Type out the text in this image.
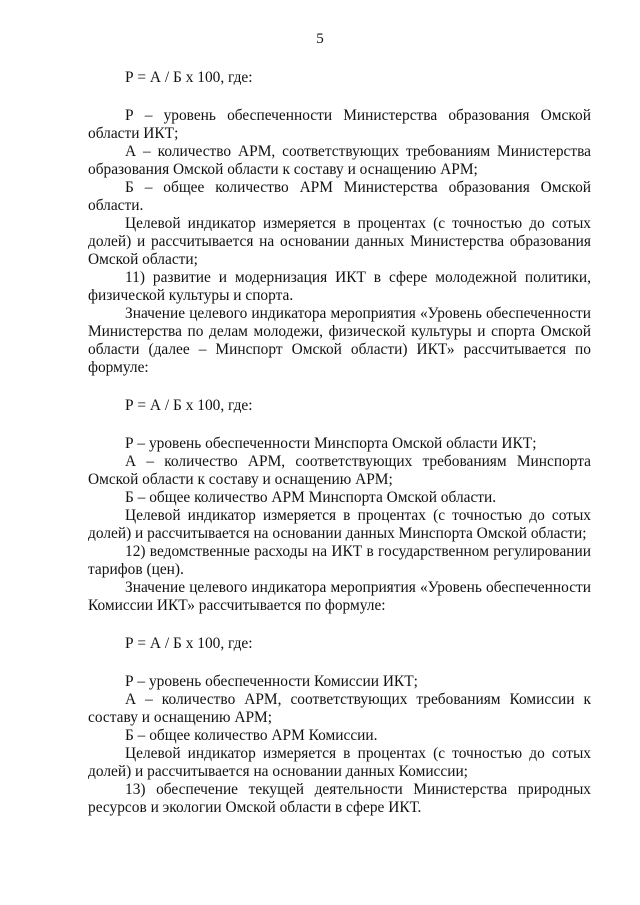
5

Р = А / Б х 100, где:

Р – уровень обеспеченности Министерства образования Омской области ИКТ;

А – количество АРМ, соответствующих требованиям Министерства образования Омской области к составу и оснащению АРМ;

Б – общее количество АРМ Министерства образования Омской области.

Целевой индикатор измеряется в процентах (с точностью до сотых долей) и рассчитывается на основании данных Министерства образования Омской области;

11) развитие и модернизация ИКТ в сфере молодежной политики, физической культуры и спорта.

Значение целевого индикатора мероприятия «Уровень обеспеченности Министерства по делам молодежи, физической культуры и спорта Омской области (далее – Минспорт Омской области) ИКТ» рассчитывается по формуле:

Р = А / Б х 100, где:

Р – уровень обеспеченности Минспорта Омской области ИКТ;

А – количество АРМ, соответствующих требованиям Минспорта Омской области к составу и оснащению АРМ;

Б – общее количество АРМ Минспорта Омской области.

Целевой индикатор измеряется в процентах (с точностью до сотых долей) и рассчитывается на основании данных Минспорта Омской области;

12) ведомственные расходы на ИКТ в государственном регулировании тарифов (цен).

Значение целевого индикатора мероприятия «Уровень обеспеченности Комиссии ИКТ» рассчитывается по формуле:

Р = А / Б х 100, где:

Р – уровень обеспеченности Комиссии ИКТ;

А – количество АРМ, соответствующих требованиям Комиссии к составу и оснащению АРМ;

Б – общее количество АРМ Комиссии.

Целевой индикатор измеряется в процентах (с точностью до сотых долей) и рассчитывается на основании данных Комиссии;

13) обеспечение текущей деятельности Министерства природных ресурсов и экологии Омской области в сфере ИКТ.
